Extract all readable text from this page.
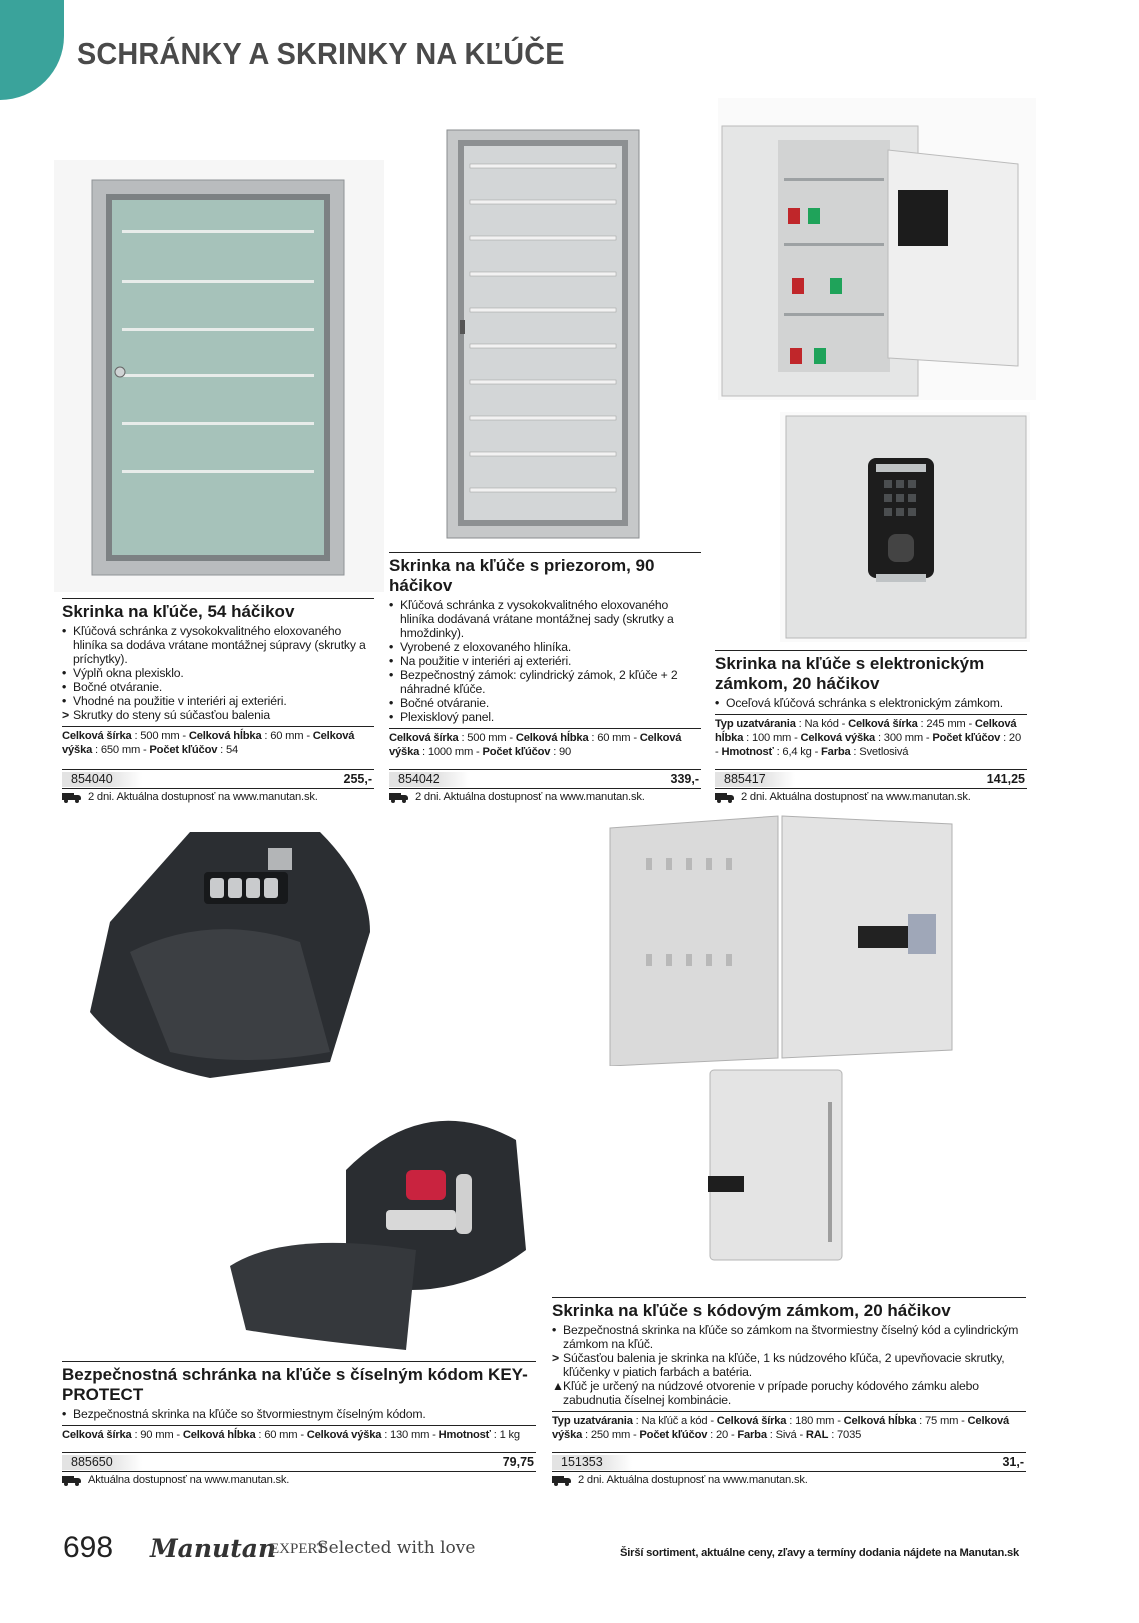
SCHRÁNKY A SKRINKY NA KĽÚČE
Skrinka na kľúče, 54 háčikov
• Kľúčová schránka z vysokokvalitného eloxovaného hliníka sa dodáva vrátane montážnej súpravy (skrutky a príchytky).
• Výplň okna plexisklo.
• Bočné otváranie.
• Vhodné na použitie v interiéri aj exteriéri.
> Skrutky do steny sú súčasťou balenia
Celková šírka : 500 mm - Celková hĺbka : 60 mm - Celková výška : 650 mm - Počet kľúčov : 54
854040	255,-
2 dni. Aktuálna dostupnosť na www.manutan.sk.
Skrinka na kľúče s priezorom, 90 háčikov
• Kľúčová schránka z vysokokvalitného eloxovaného hliníka dodávaná vrátane montážnej sady (skrutky a hmoždinky).
• Vyrobené z eloxovaného hliníka.
• Na použitie v interiéri aj exteriéri.
• Bezpečnostný zámok: cylindrický zámok, 2 kľúče + 2 náhradné kľúče.
• Bočné otváranie.
• Plexisklový panel.
Celková šírka : 500 mm - Celková hĺbka : 60 mm - Celková výška : 1000 mm - Počet kľúčov : 90
854042	339,-
2 dni. Aktuálna dostupnosť na www.manutan.sk.
Skrinka na kľúče s elektronickým zámkom, 20 háčikov
• Oceľová kľúčová schránka s elektronickým zámkom.
Typ uzatvárania : Na kód - Celková šírka : 245 mm - Celková hĺbka : 100 mm - Celková výška : 300 mm - Počet kľúčov : 20 - Hmotnosť : 6,4 kg - Farba : Svetlosivá
885417	141,25
2 dni. Aktuálna dostupnosť na www.manutan.sk.
Bezpečnostná schránka na kľúče s číselným kódom KEY-PROTECT
• Bezpečnostná skrinka na kľúče so štvormiestnym číselným kódom.
Celková šírka : 90 mm - Celková hĺbka : 60 mm - Celková výška : 130 mm - Hmotnosť : 1 kg
885650	79,75
Aktuálna dostupnosť na www.manutan.sk.
Skrinka na kľúče s kódovým zámkom, 20 háčikov
• Bezpečnostná skrinka na kľúče so zámkom na štvormiestny číselný kód a cylindrickým zámkom na kľúč.
> Súčasťou balenia je skrinka na kľúče, 1 ks núdzového kľúča, 2 upevňovacie skrutky, kľúčenky v piatich farbách a batéria.
▲Kľúč je určený na núdzové otvorenie v prípade poruchy kódového zámku alebo zabudnutia číselnej kombinácie.
Typ uzatvárania : Na kľúč a kód - Celková šírka : 180 mm - Celková hĺbka : 75 mm - Celková výška : 250 mm - Počet kľúčov : 20 - Farba : Sivá - RAL : 7035
151353	31,-
2 dni. Aktuálna dostupnosť na www.manutan.sk.
698 Manutan
EXPERT
Selected with love	Širší sortiment, aktuálne ceny, zľavy a termíny dodania nájdete na Manutan.sk
